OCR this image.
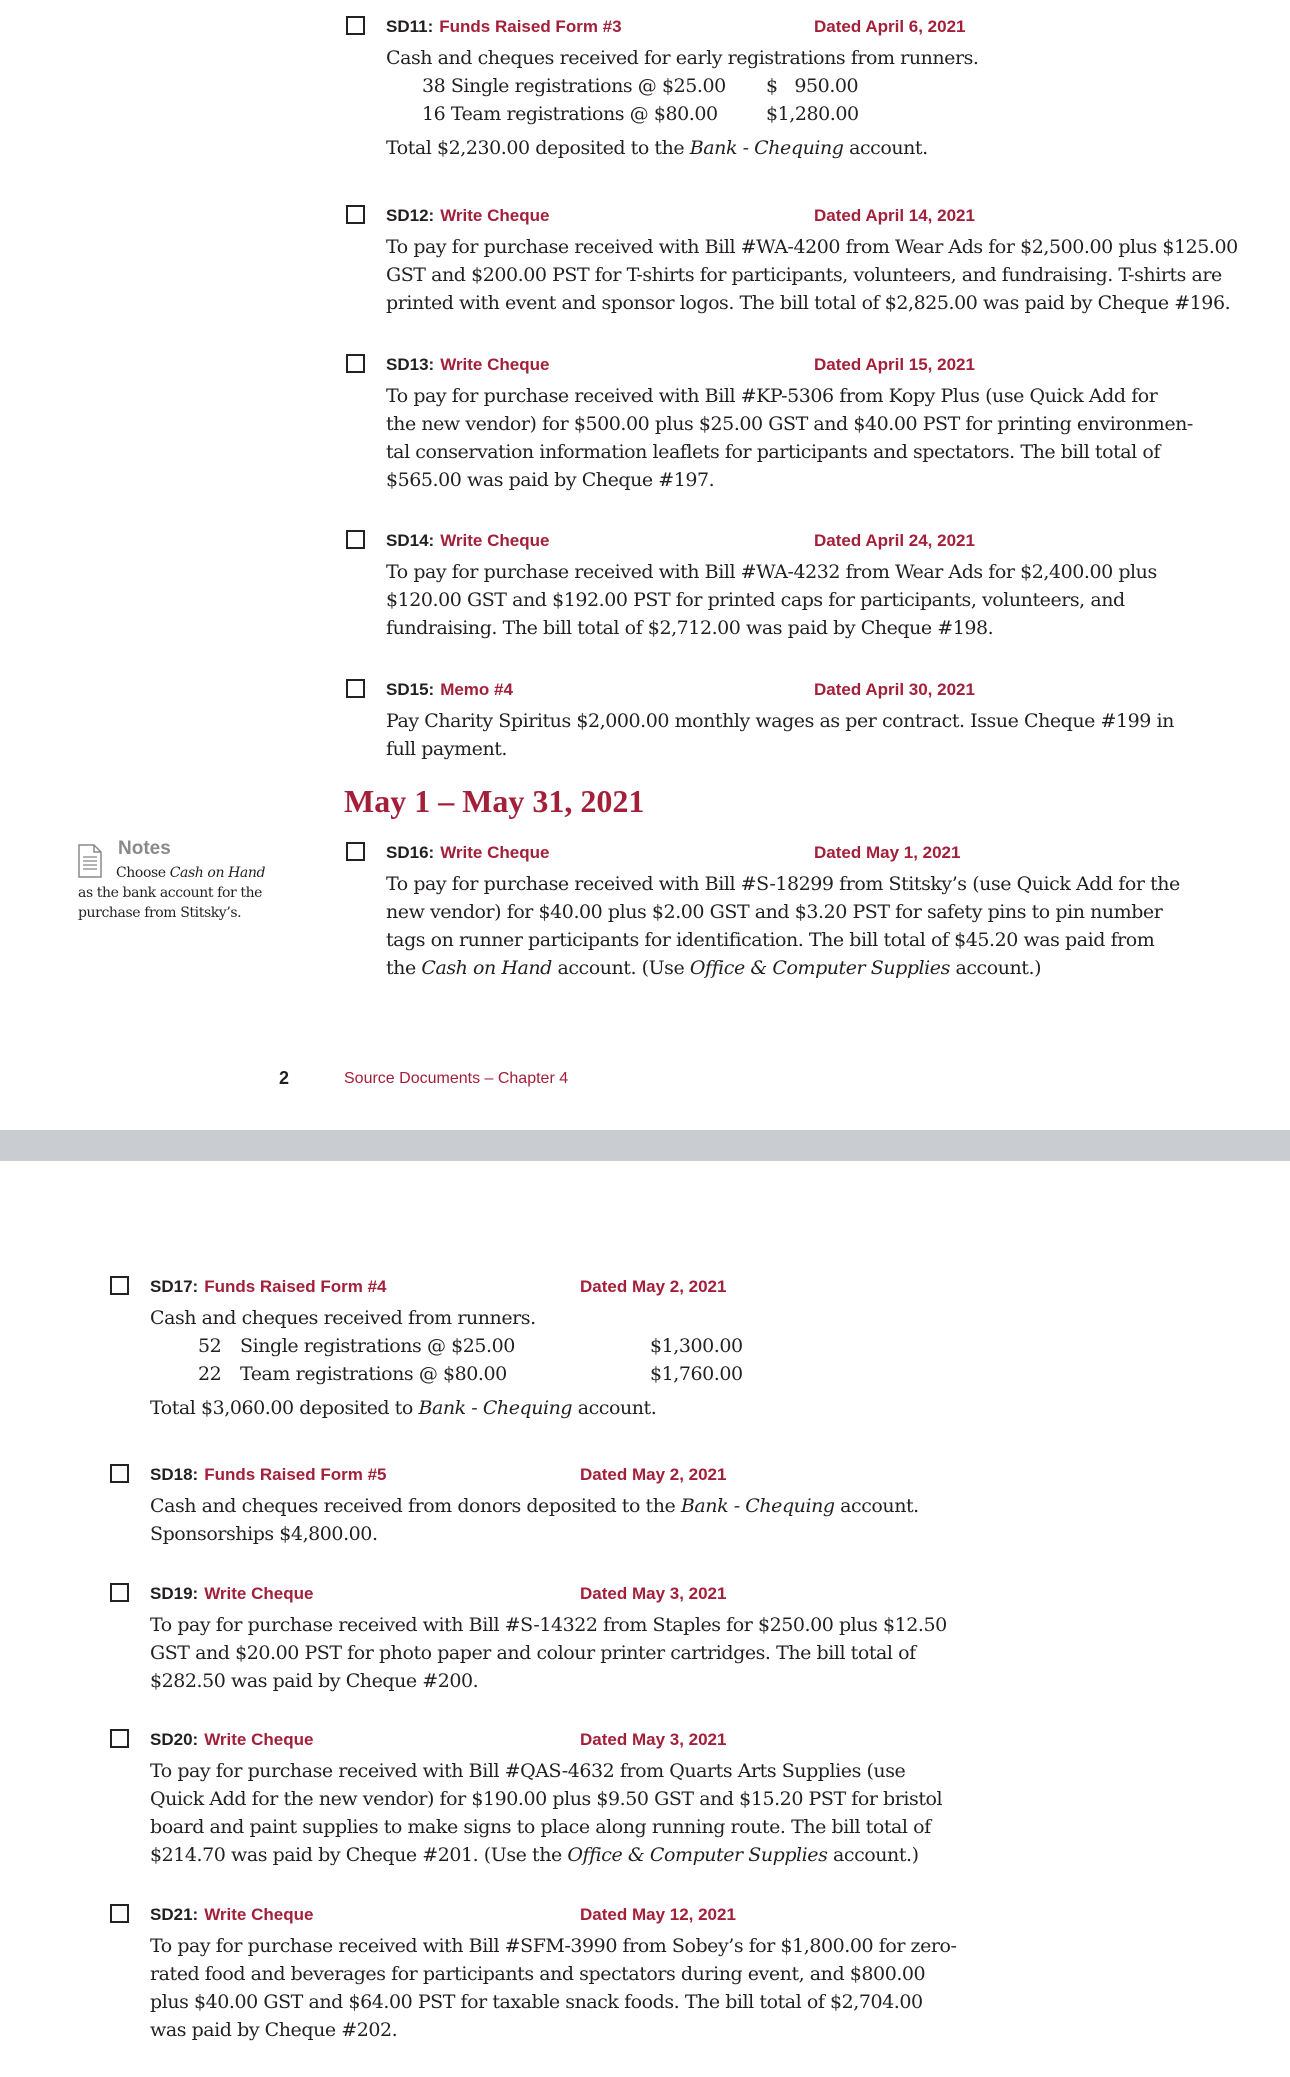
SD11: Funds Raised Form #3	Dated April 6, 2021

Cash and cheques received for early registrations from runners.

38 Single registrations @ $25.00 $   950.00
16 Team registrations @ $80.00	$1,280.00

Total $2,230.00 deposited to the Bank - Chequing account.

SD12: Write Cheque	Dated April 14, 2021

To pay for purchase received with Bill #WA-4200 from Wear Ads for $2,500.00 plus $125.00

GST and $200.00 PST for T-shirts for participants, volunteers, and fundraising. T-shirts are

printed with event and sponsor logos. The bill total of $2,825.00 was paid by Cheque #196.

SD13: Write Cheque	Dated April 15, 2021

To pay for purchase received with Bill #KP-5306 from Kopy Plus (use Quick Add for

the new vendor) for $500.00 plus $25.00 GST and $40.00 PST for printing environmen-

tal conservation information leaflets for participants and spectators. The bill total of

$565.00 was paid by Cheque #197.

SD14: Write Cheque	Dated April 24, 2021

To pay for purchase received with Bill #WA-4232 from Wear Ads for $2,400.00 plus

$120.00 GST and $192.00 PST for printed caps for participants, volunteers, and

fundraising. The bill total of $2,712.00 was paid by Cheque #198.

SD15: Memo #4	Dated April 30, 2021

Pay Charity Spiritus $2,000.00 monthly wages as per contract. Issue Cheque #199 in

full payment.

May 1 – May 31, 2021
Notes
Choose Cash on Hand
as the bank account for the purchase from Stitsky’s.
SD16: Write Cheque	Dated May 1, 2021

To pay for purchase received with Bill #S-18299 from Stitsky’s (use Quick Add for the

new vendor) for $40.00 plus $2.00 GST and $3.20 PST for safety pins to pin number

tags on runner participants for identification. The bill total of $45.20 was paid from

the Cash on Hand account. (Use Office & Computer Supplies account.)

2	Source Documents – Chapter 4
SD17: Funds Raised Form #4	Dated May 2, 2021

Cash and cheques received from runners.

52 Single registrations @ $25.00	$1,300.00
22 Team registrations @ $80.00	$1,760.00

Total $3,060.00 deposited to Bank - Chequing account.

SD18: Funds Raised Form #5	Dated May 2, 2021

Cash and cheques received from donors deposited to the Bank - Chequing account.

Sponsorships $4,800.00.

SD19: Write Cheque	Dated May 3, 2021

To pay for purchase received with Bill #S-14322 from Staples for $250.00 plus $12.50

GST and $20.00 PST for photo paper and colour printer cartridges. The bill total of

$282.50 was paid by Cheque #200.

SD20: Write Cheque	Dated May 3, 2021

To pay for purchase received with Bill #QAS-4632 from Quarts Arts Supplies (use

Quick Add for the new vendor) for $190.00 plus $9.50 GST and $15.20 PST for bristol

board and paint supplies to make signs to place along running route. The bill total of

$214.70 was paid by Cheque #201. (Use the Office & Computer Supplies account.)

SD21: Write Cheque	Dated May 12, 2021

To pay for purchase received with Bill #SFM-3990 from Sobey’s for $1,800.00 for zero-

rated food and beverages for participants and spectators during event, and $800.00

plus $40.00 GST and $64.00 PST for taxable snack foods. The bill total of $2,704.00

was paid by Cheque #202.
